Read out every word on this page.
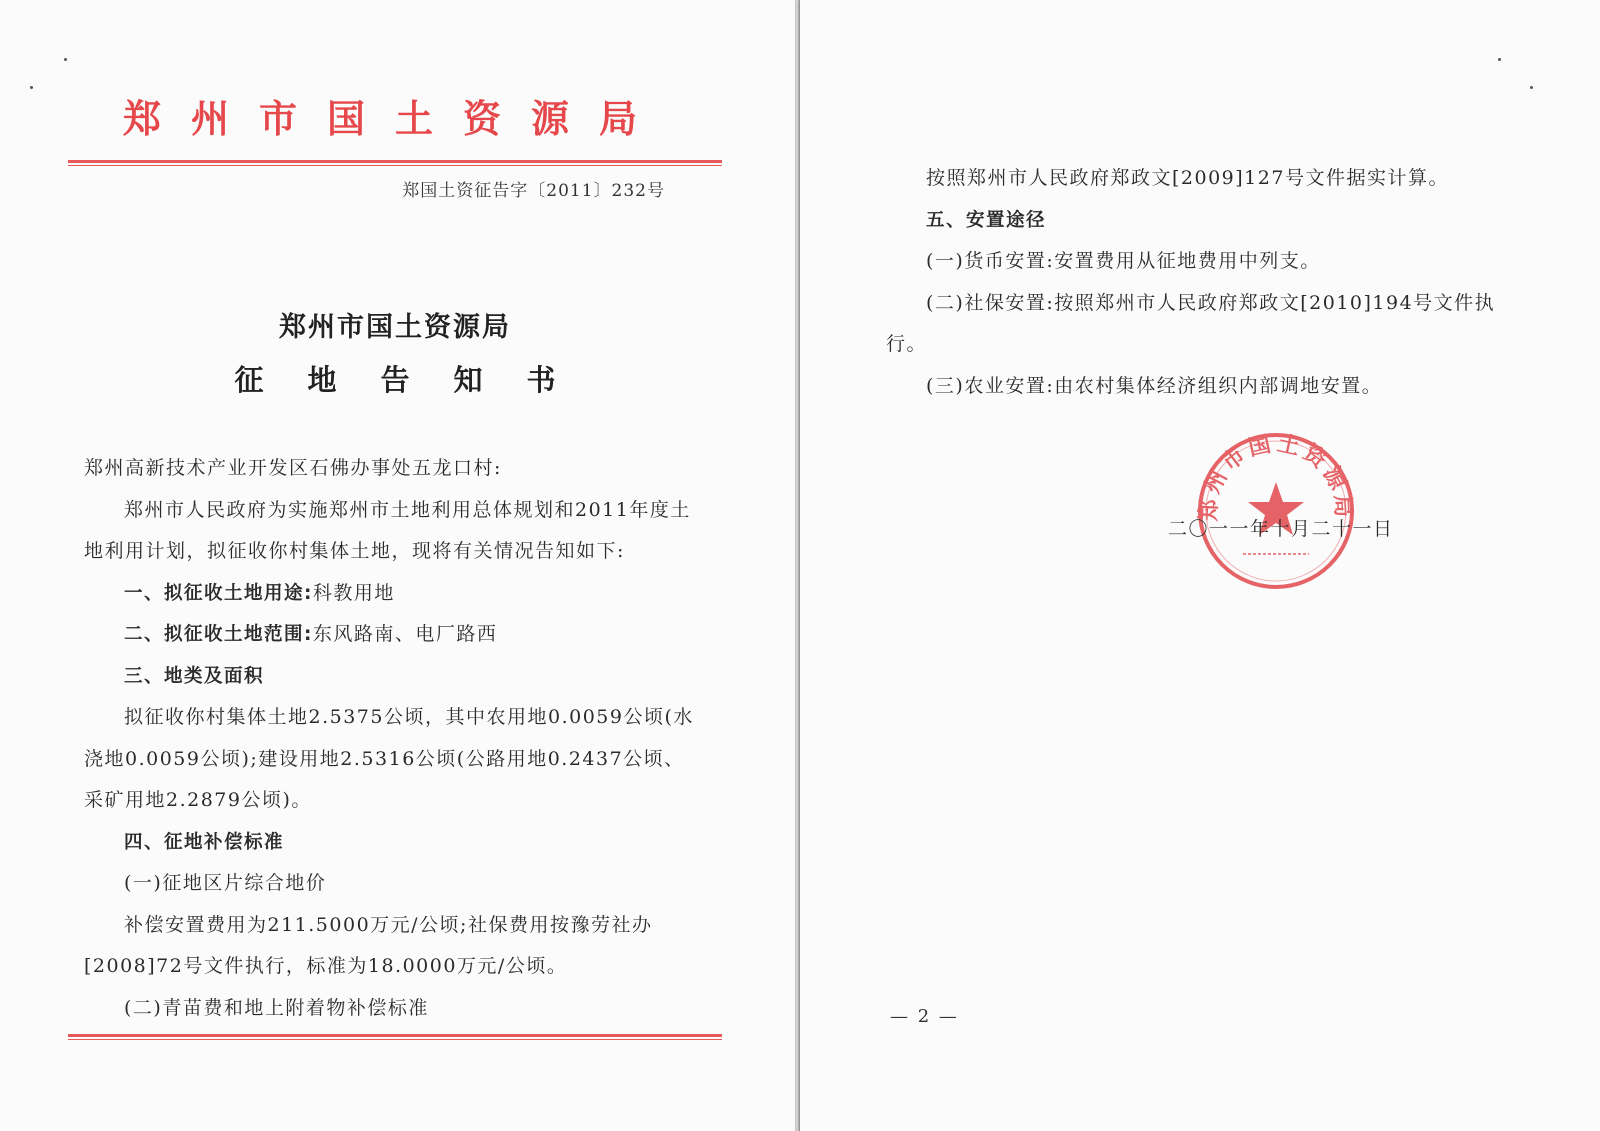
郑州市国土资源局
郑国土资征告字〔2011〕232号
郑州市国土资源局
征地告知书

郑州高新技术产业开发区石佛办事处五龙口村:

郑州市人民政府为实施郑州市土地利用总体规划和2011年度土地利用计划，拟征收你村集体土地，现将有关情况告知如下:

一、拟征收土地用途:科教用地

二、拟征收土地范围:东风路南、电厂路西

三、地类及面积

拟征收你村集体土地2.5375公顷，其中农用地0.0059公顷(水浇地0.0059公顷);建设用地2.5316公顷(公路用地0.2437公顷、采矿用地2.2879公顷)。

四、征地补偿标准

(一)征地区片综合地价

补偿安置费用为211.5000万元/公顷;社保费用按豫劳社办[2008]72号文件执行，标准为18.0000万元/公顷。

(二)青苗费和地上附着物补偿标准

按照郑州市人民政府郑政文[2009]127号文件据实计算。

五、安置途径

(一)货币安置:安置费用从征地费用中列支。

(二)社保安置:按照郑州市人民政府郑政文[2010]194号文件执行。

(三)农业安置:由农村集体经济组织内部调地安置。

郑州市国土资源局
二〇一一年十月二十一日
— 2 —
